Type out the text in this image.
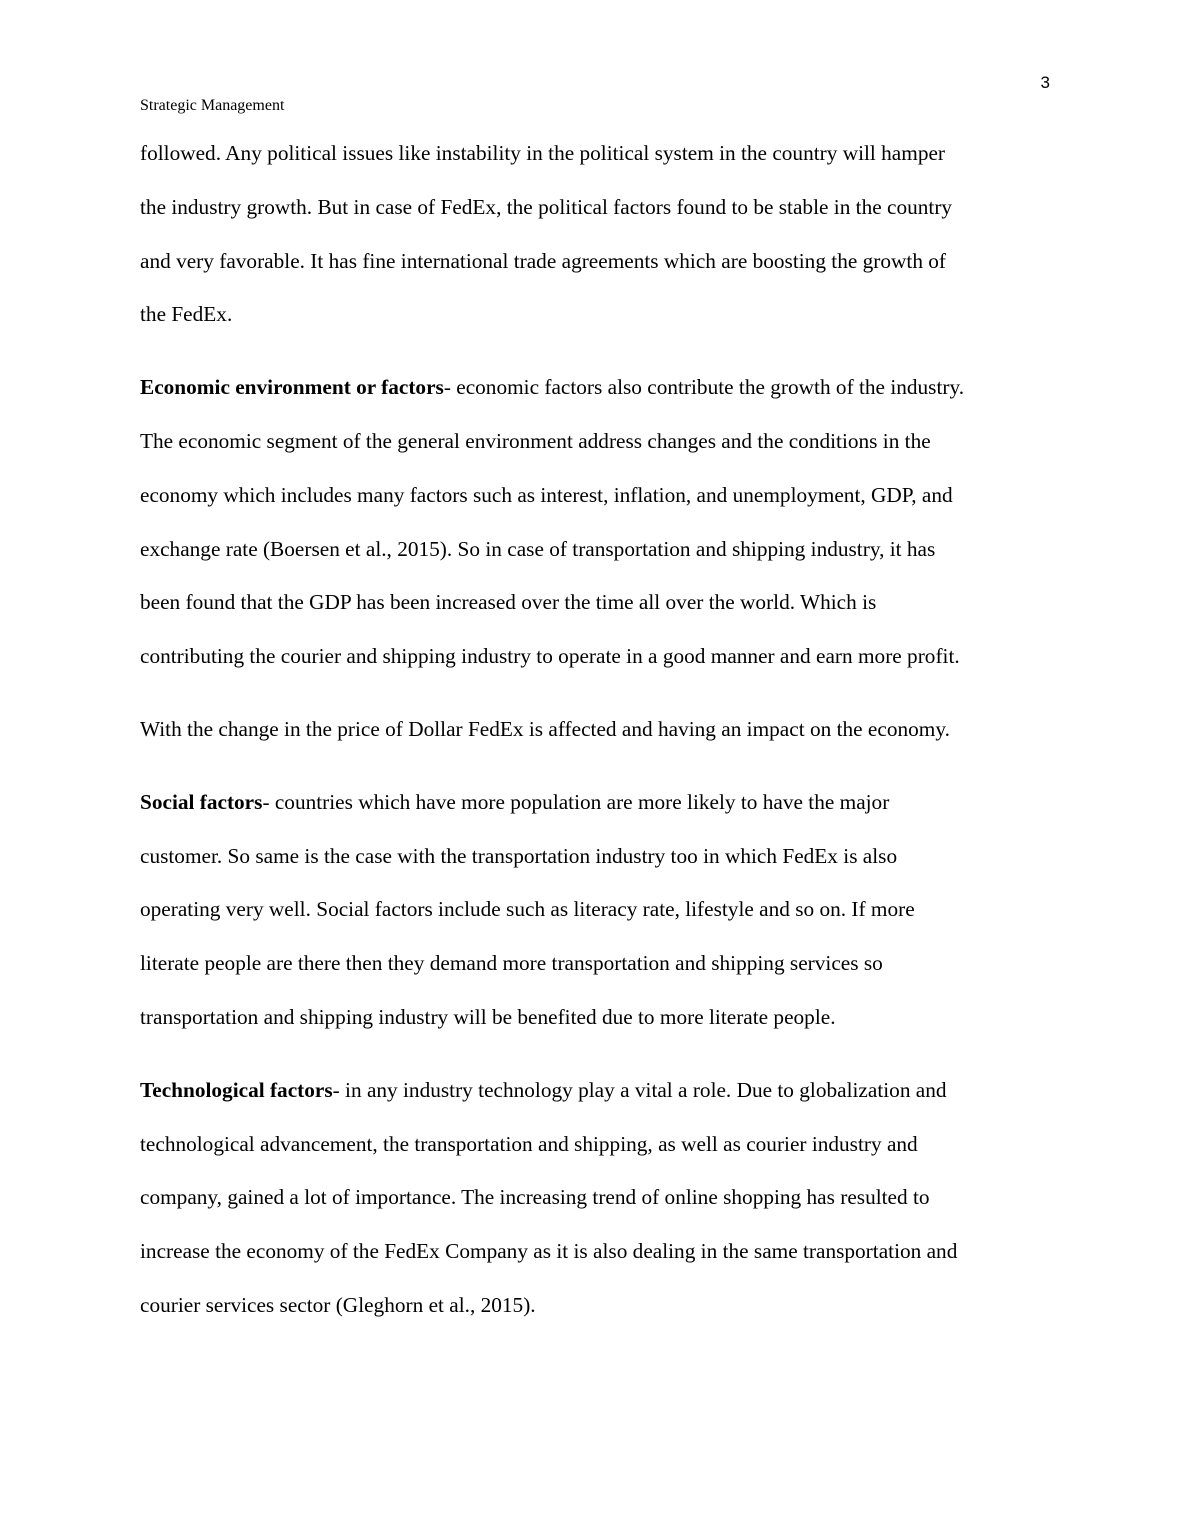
3
Strategic Management
followed. Any political issues like instability in the political system in the country will hamper
the industry growth. But in case of FedEx, the political factors found to be stable in the country
and very favorable. It has fine international trade agreements which are boosting the growth of
the FedEx.
Economic environment or factors- economic factors also contribute the growth of the industry.
The economic segment of the general environment address changes and the conditions in the
economy which includes many factors such as interest, inflation, and unemployment, GDP, and
exchange rate (Boersen et al., 2015). So in case of transportation and shipping industry, it has
been found that the GDP has been increased over the time all over the world. Which is
contributing the courier and shipping industry to operate in a good manner and earn more profit.
With the change in the price of Dollar FedEx is affected and having an impact on the economy.
Social factors- countries which have more population are more likely to have the major
customer. So same is the case with the transportation industry too in which FedEx is also
operating very well. Social factors include such as literacy rate, lifestyle and so on. If more
literate people are there then they demand more transportation and shipping services so
transportation and shipping industry will be benefited due to more literate people.
Technological factors- in any industry technology play a vital a role. Due to globalization and
technological advancement, the transportation and shipping, as well as courier industry and
company, gained a lot of importance. The increasing trend of online shopping has resulted to
increase the economy of the FedEx Company as it is also dealing in the same transportation and
courier services sector (Gleghorn et al., 2015).
